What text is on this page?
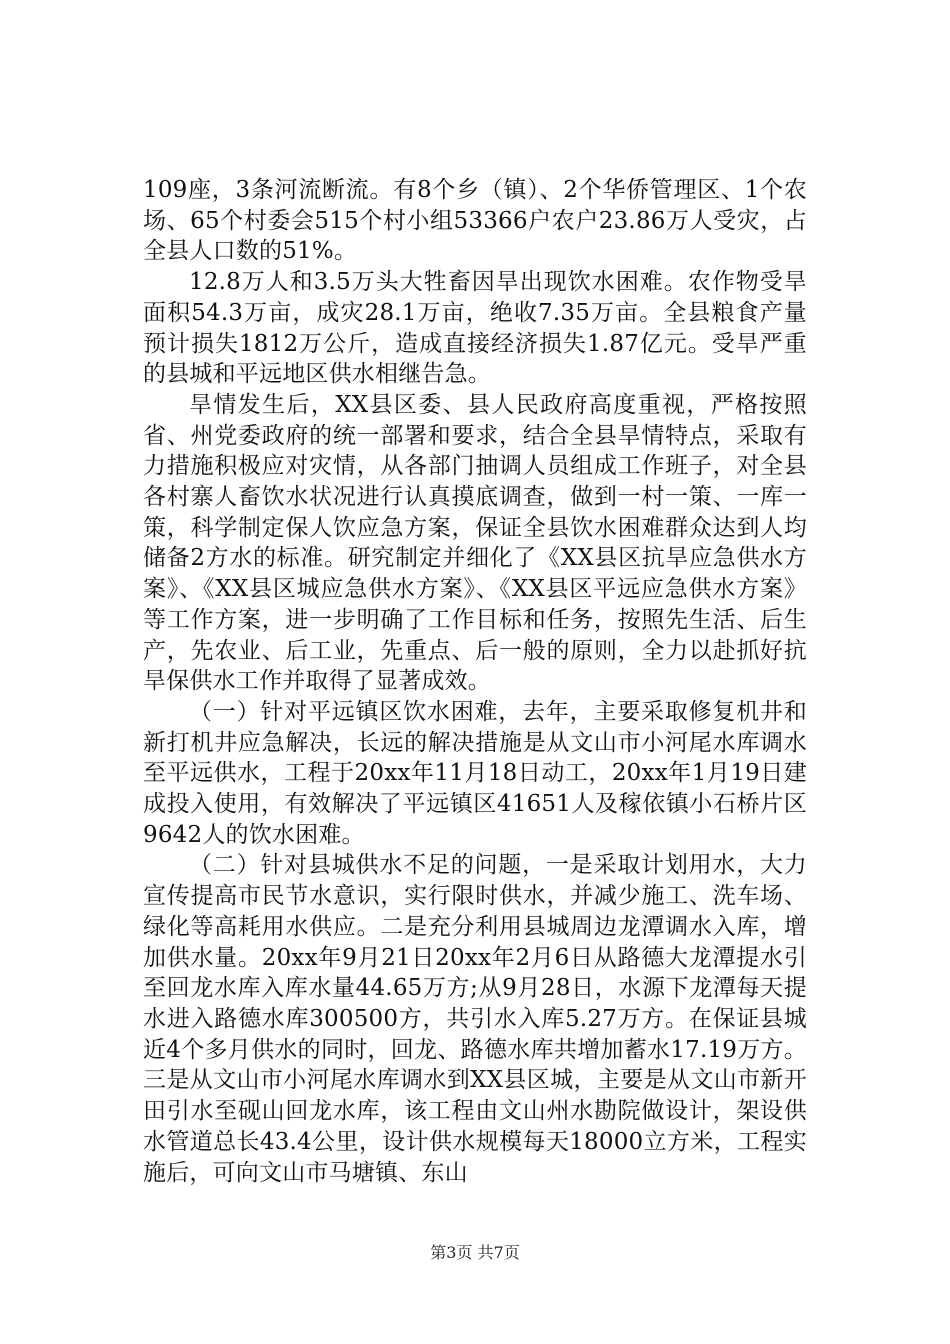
109座，3条河流断流。有8个乡（镇）、2个华侨管理区、1个农场、65个村委会515个村小组53366户农户23.86万人受灾，占全县人口数的51%。

12.8万人和3.5万头大牲畜因旱出现饮水困难。农作物受旱面积54.3万亩，成灾28.1万亩，绝收7.35万亩。全县粮食产量预计损失1812万公斤，造成直接经济损失1.87亿元。受旱严重的县城和平远地区供水相继告急。

旱情发生后，XX县区委、县人民政府高度重视，严格按照省、州党委政府的统一部署和要求，结合全县旱情特点，采取有力措施积极应对灾情，从各部门抽调人员组成工作班子，对全县各村寨人畜饮水状况进行认真摸底调查，做到一村一策、一库一策，科学制定保人饮应急方案，保证全县饮水困难群众达到人均储备2方水的标准。研究制定并细化了《XX县区抗旱应急供水方案》、《XX县区城应急供水方案》、《XX县区平远应急供水方案》等工作方案，进一步明确了工作目标和任务，按照先生活、后生产，先农业、后工业，先重点、后一般的原则，全力以赴抓好抗旱保供水工作并取得了显著成效。

（一）针对平远镇区饮水困难，去年，主要采取修复机井和新打机井应急解决，长远的解决措施是从文山市小河尾水库调水至平远供水，工程于20xx年11月18日动工，20xx年1月19日建成投入使用，有效解决了平远镇区41651人及稼依镇小石桥片区9642人的饮水困难。

（二）针对县城供水不足的问题，一是采取计划用水，大力宣传提高市民节水意识，实行限时供水，并减少施工、洗车场、绿化等高耗用水供应。二是充分利用县城周边龙潭调水入库，增加供水量。20xx年9月21日20xx年2月6日从路德大龙潭提水引至回龙水库入库水量44.65万方;从9月28日，水源下龙潭每天提水进入路德水库300500方，共引水入库5.27万方。在保证县城近4个多月供水的同时，回龙、路德水库共增加蓄水17.19万方。三是从文山市小河尾水库调水到XX县区城，主要是从文山市新开田引水至砚山回龙水库，该工程由文山州水勘院做设计，架设供水管道总长43.4公里，设计供水规模每天18000立方米，工程实施后，可向文山市马塘镇、东山

第3页 共7页
